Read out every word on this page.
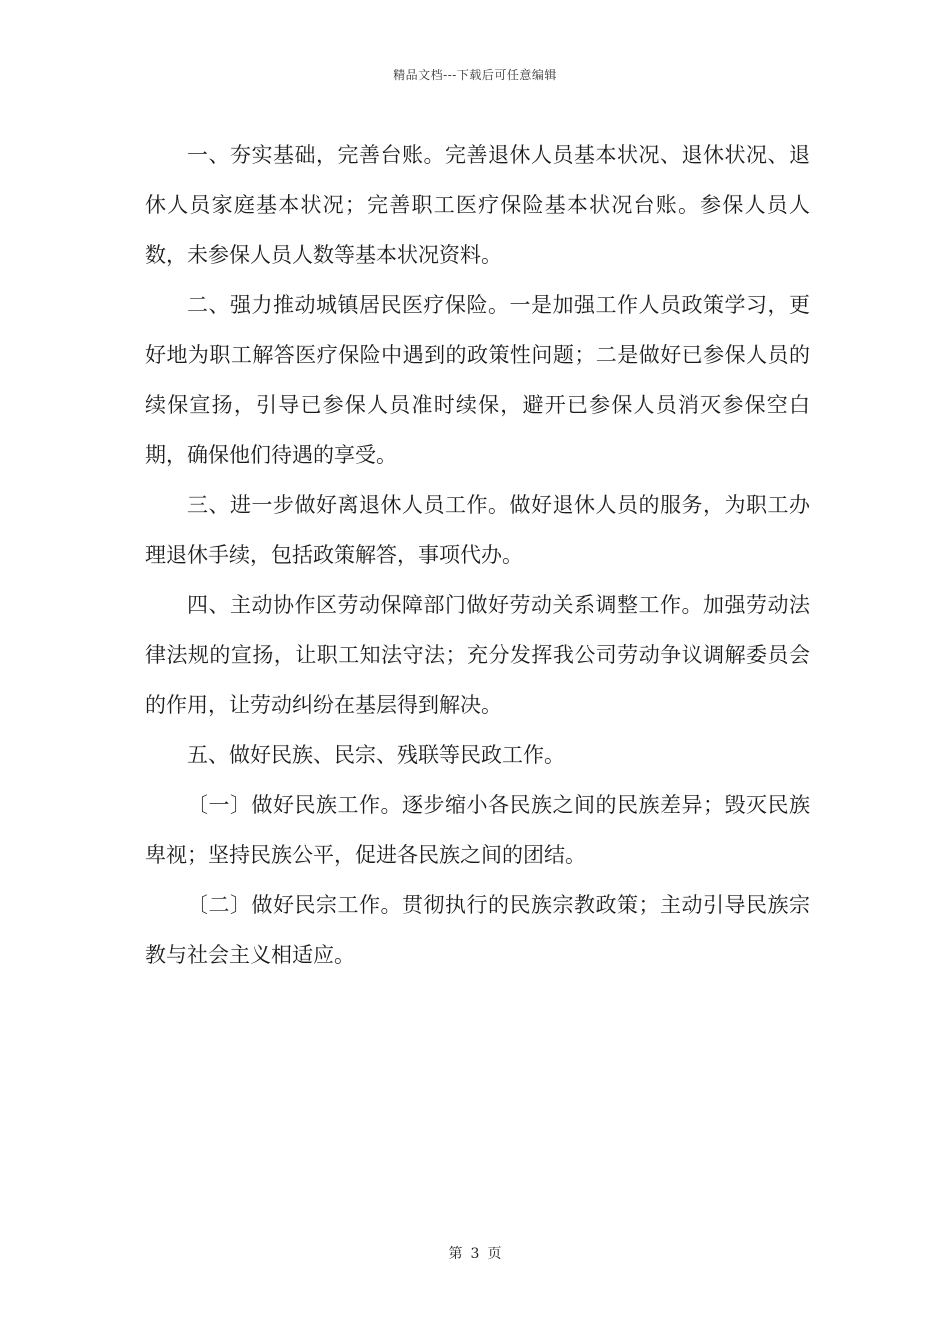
精品文档---下载后可任意编辑

一、夯实基础，完善台账。完善退休人员基本状况、退休状况、退休人员家庭基本状况；完善职工医疗保险基本状况台账。参保人员人数，未参保人员人数等基本状况资料。

二、强力推动城镇居民医疗保险。一是加强工作人员政策学习，更好地为职工解答医疗保险中遇到的政策性问题；二是做好已参保人员的续保宣扬，引导已参保人员准时续保，避开已参保人员消灭参保空白期，确保他们待遇的享受。

三、进一步做好离退休人员工作。做好退休人员的服务，为职工办理退休手续，包括政策解答，事项代办。

四、主动协作区劳动保障部门做好劳动关系调整工作。加强劳动法律法规的宣扬，让职工知法守法；充分发挥我公司劳动争议调解委员会的作用，让劳动纠纷在基层得到解决。

五、做好民族、民宗、残联等民政工作。

〔一〕做好民族工作。逐步缩小各民族之间的民族差异；毁灭民族卑视；坚持民族公平，促进各民族之间的团结。

〔二〕做好民宗工作。贯彻执行的民族宗教政策；主动引导民族宗教与社会主义相适应。

第 3 页
